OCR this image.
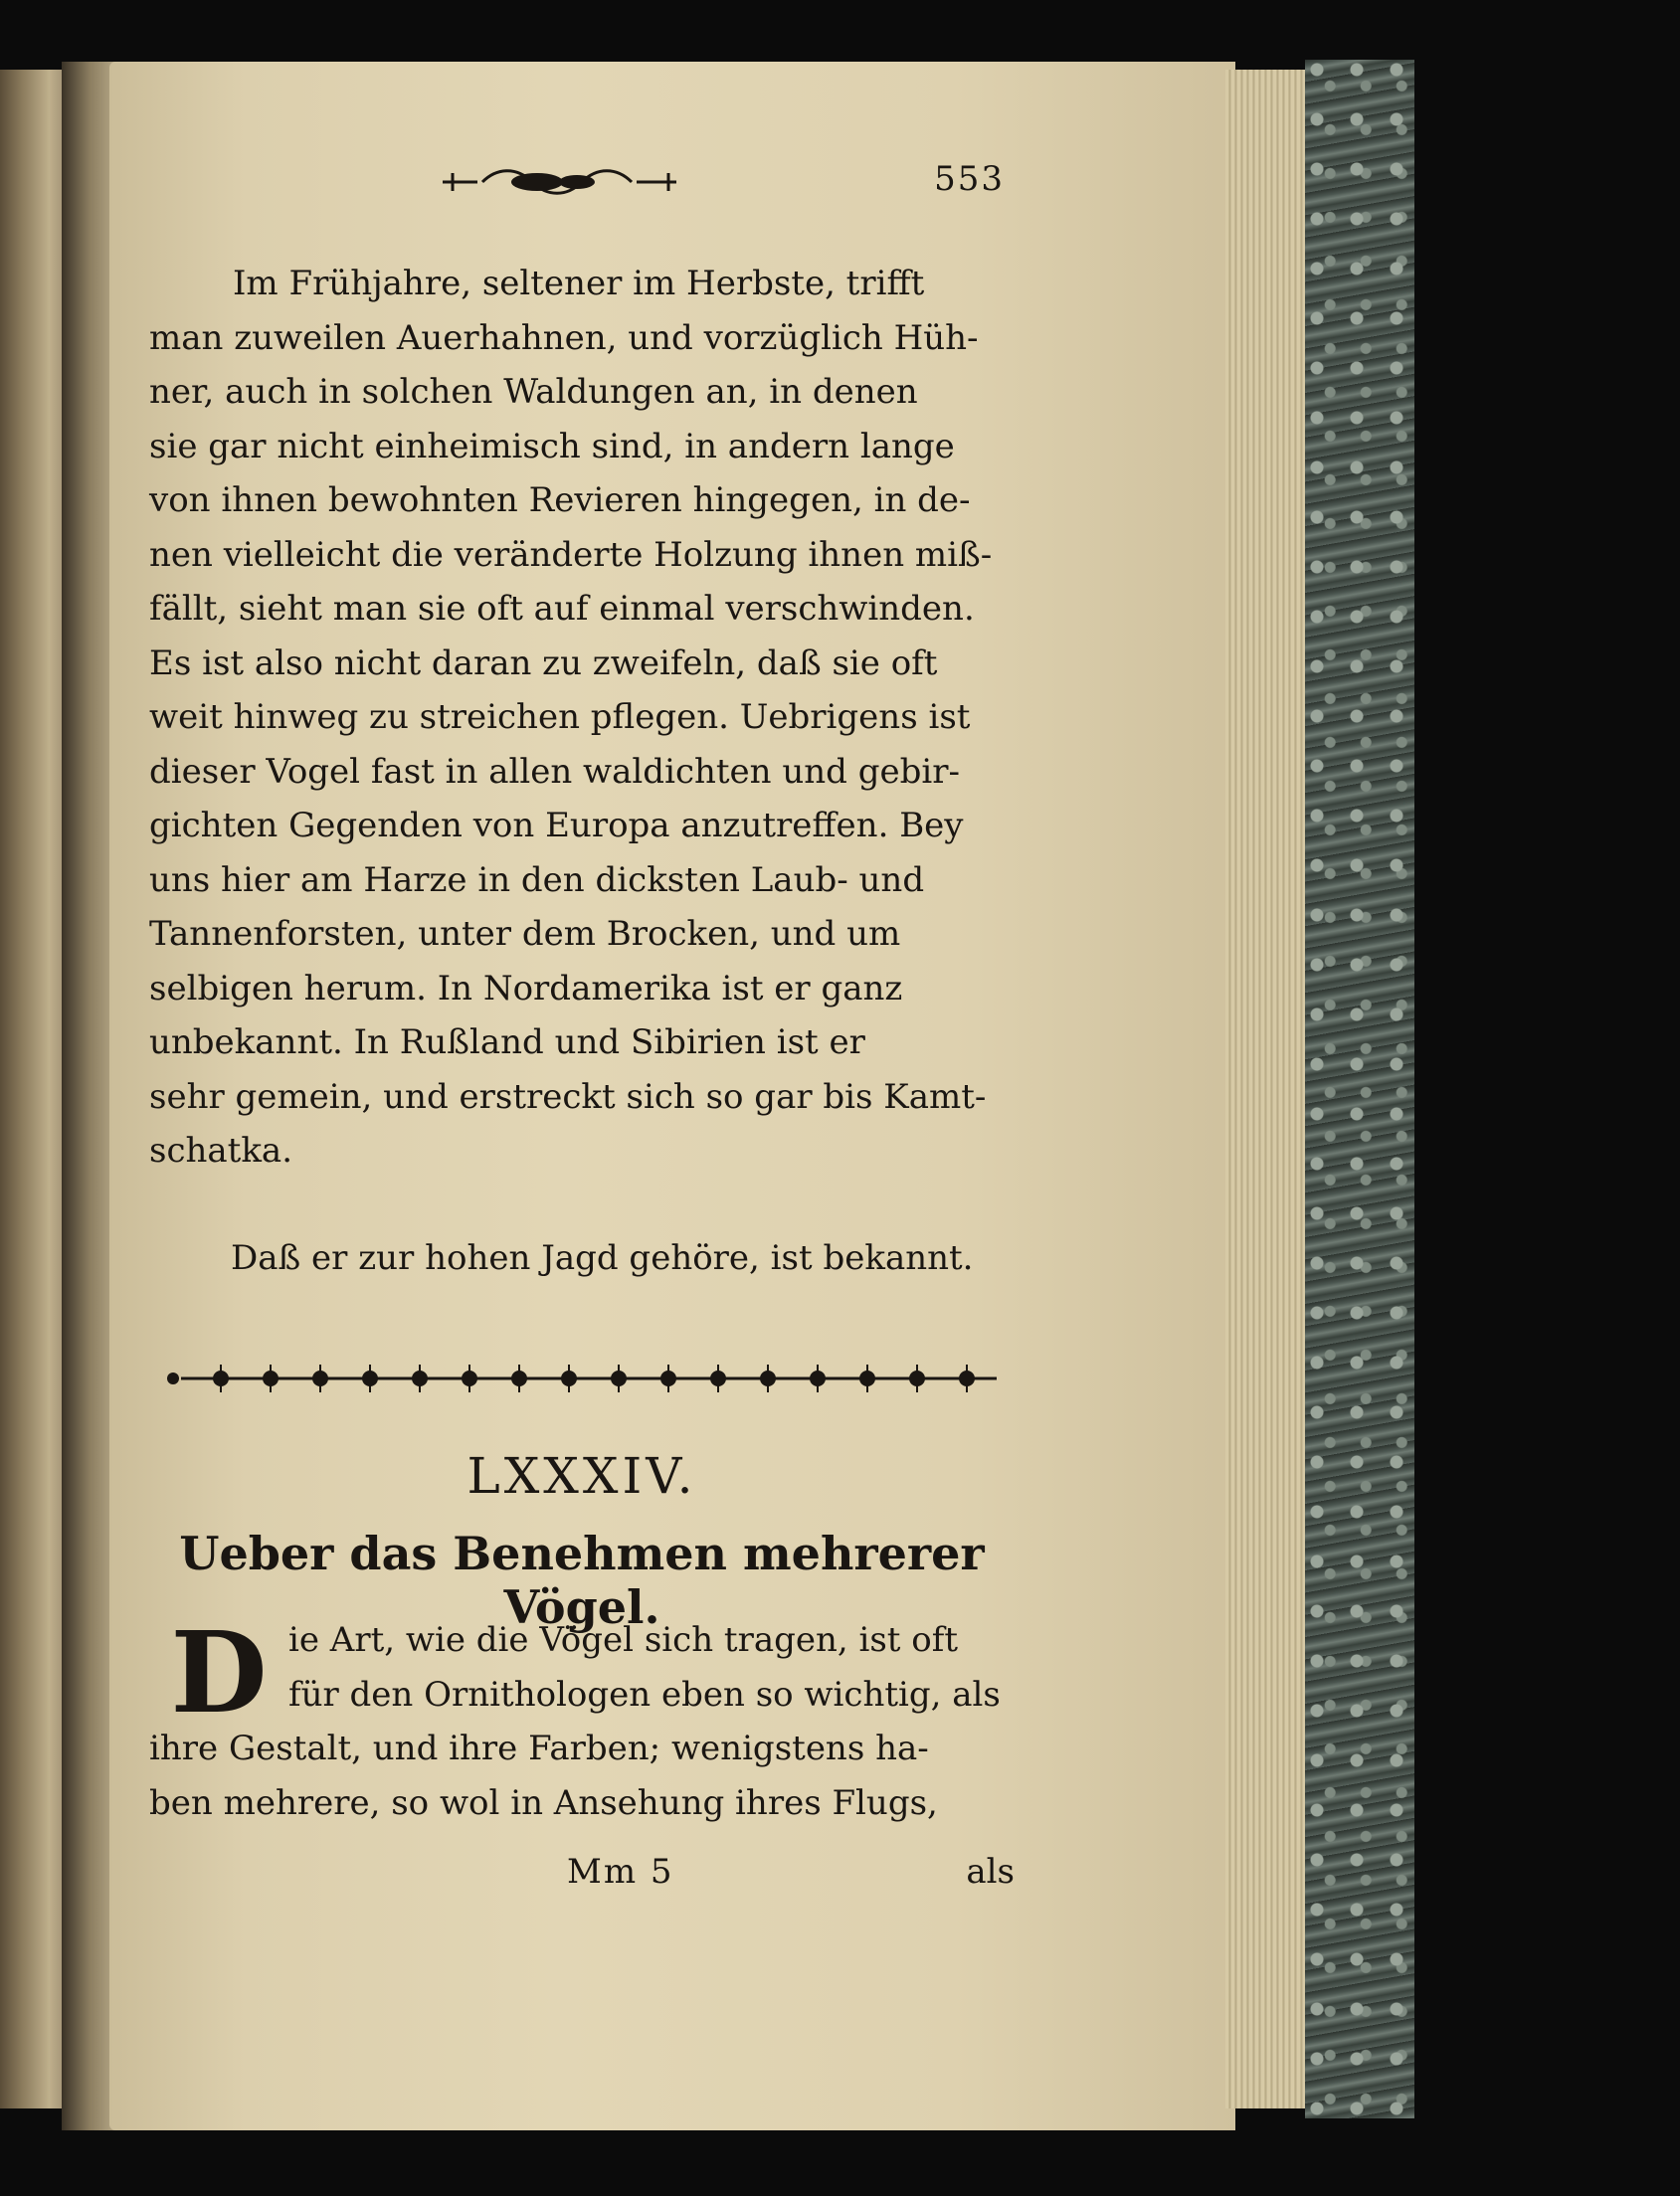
553
Im Frühjahre, seltener im Herbste, trifft
man zuweilen Auerhahnen, und vorzüglich Hüh-
ner, auch in solchen Waldungen an, in denen
sie gar nicht einheimisch sind, in andern lange
von ihnen bewohnten Revieren hingegen, in de-
nen vielleicht die veränderte Holzung ihnen miß-
fällt, sieht man sie oft auf einmal verschwinden.
Es ist also nicht daran zu zweifeln, daß sie oft
weit hinweg zu streichen pflegen. Uebrigens ist
dieser Vogel fast in allen waldichten und gebir-
gichten Gegenden von Europa anzutreffen. Bey
uns hier am Harze in den dicksten Laub- und
Tannenforsten, unter dem Brocken, und um
selbigen herum. In Nordamerika ist er ganz
unbekannt. In Rußland und Sibirien ist er
sehr gemein, und erstreckt sich so gar bis Kamt-
schatka.
Daß er zur hohen Jagd gehöre, ist bekannt.
LXXXIV.
Ueber das Benehmen mehrerer Vögel.
D ie Art, wie die Vögel sich tragen, ist oft
für den Ornithologen eben so wichtig, als
ihre Gestalt, und ihre Farben; wenigstens ha-
ben mehrere, so wol in Ansehung ihres Flugs,
Mm 5	als
